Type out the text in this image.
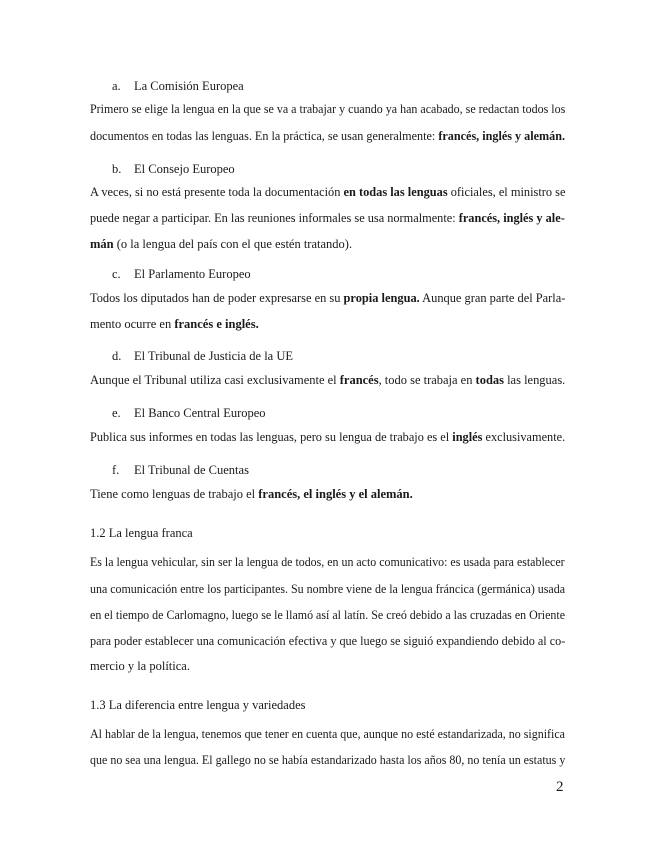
a. La Comisión Europea
Primero se elige la lengua en la que se va a trabajar y cuando ya han acabado, se redactan todos los
documentos en todas las lenguas. En la práctica, se usan generalmente: francés, inglés y alemán.
b. El Consejo Europeo
A veces, si no está presente toda la documentación en todas las lenguas oficiales, el ministro se
puede negar a participar. En las reuniones informales se usa normalmente: francés, inglés y ale-
mán (o la lengua del país con el que estén tratando).
c. El Parlamento Europeo
Todos los diputados han de poder expresarse en su propia lengua. Aunque gran parte del Parla-
mento ocurre en francés e inglés.
d. El Tribunal de Justicia de la UE
Aunque el Tribunal utiliza casi exclusivamente el francés, todo se trabaja en todas las lenguas.
e. El Banco Central Europeo
Publica sus informes en todas las lenguas, pero su lengua de trabajo es el inglés exclusivamente.
f. El Tribunal de Cuentas
Tiene como lenguas de trabajo el francés, el inglés y el alemán.
1.2 La lengua franca
Es la lengua vehicular, sin ser la lengua de todos, en un acto comunicativo: es usada para establecer
una comunicación entre los participantes. Su nombre viene de la lengua fráncica (germánica) usada
en el tiempo de Carlomagno, luego se le llamó así al latín. Se creó debido a las cruzadas en Oriente
para poder establecer una comunicación efectiva y que luego se siguió expandiendo debido al co-
mercio y la política.
1.3 La diferencia entre lengua y variedades
Al hablar de la lengua, tenemos que tener en cuenta que, aunque no esté estandarizada, no significa
que no sea una lengua. El gallego no se había estandarizado hasta los años 80, no tenía un estatus y
2
